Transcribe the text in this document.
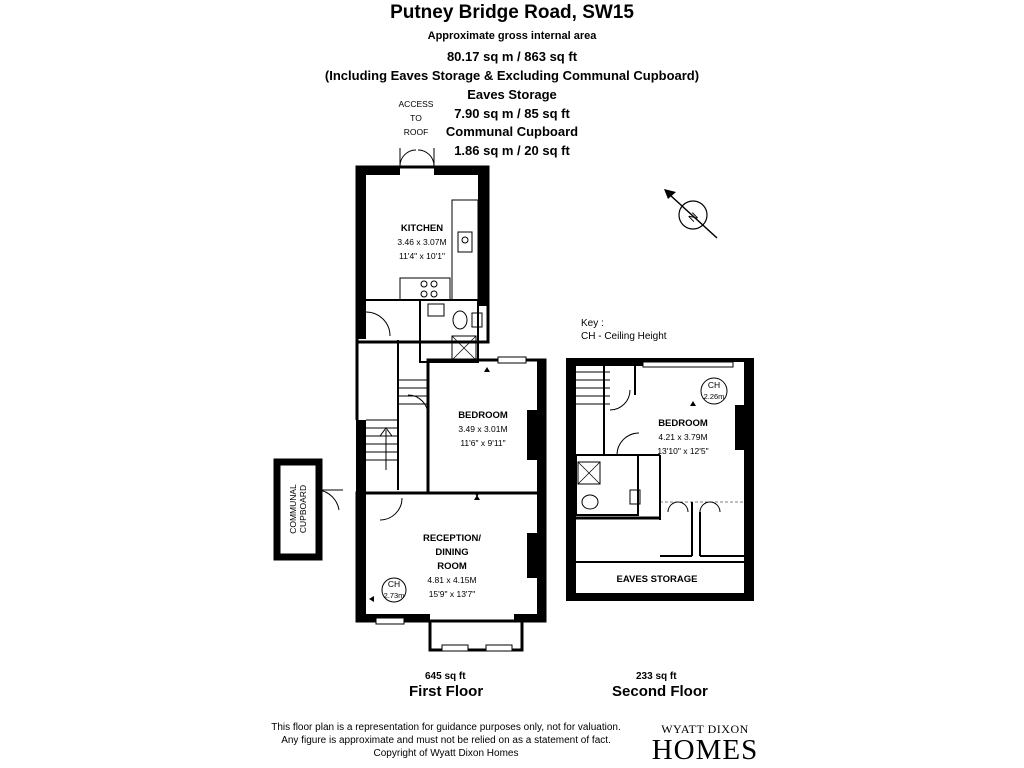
Putney Bridge Road, SW15
Approximate gross internal area
80.17 sq m / 863 sq ft
(Including Eaves Storage & Excluding Communal Cupboard)
Eaves Storage
7.90 sq m / 85 sq ft
Communal Cupboard
1.86 sq m / 20 sq ft
KITCHEN
3.46 x 3.07M
11'4" x 10'1"
ACCESS
TO
ROOF
BEDROOM
3.49 x 3.01M
11'6" x 9'11"
RECEPTION/
DINING
ROOM
4.81 x 4.15M
15'9" x 13'7"
CH
2.73m
BEDROOM
4.21 x 3.79M
13'10" x 12'5"
CH
2.26m
EAVES STORAGE
COMMUNAL CUPBOARD
N
Key :
CH - Ceiling Height
645 sq ft
First Floor
233 sq ft
Second Floor
This floor plan is a representation for guidance purposes only, not for valuation.
Any figure is approximate and must not be relied on as a statement of fact.
Copyright of Wyatt Dixon Homes
WYATT DIXON
HOMES
